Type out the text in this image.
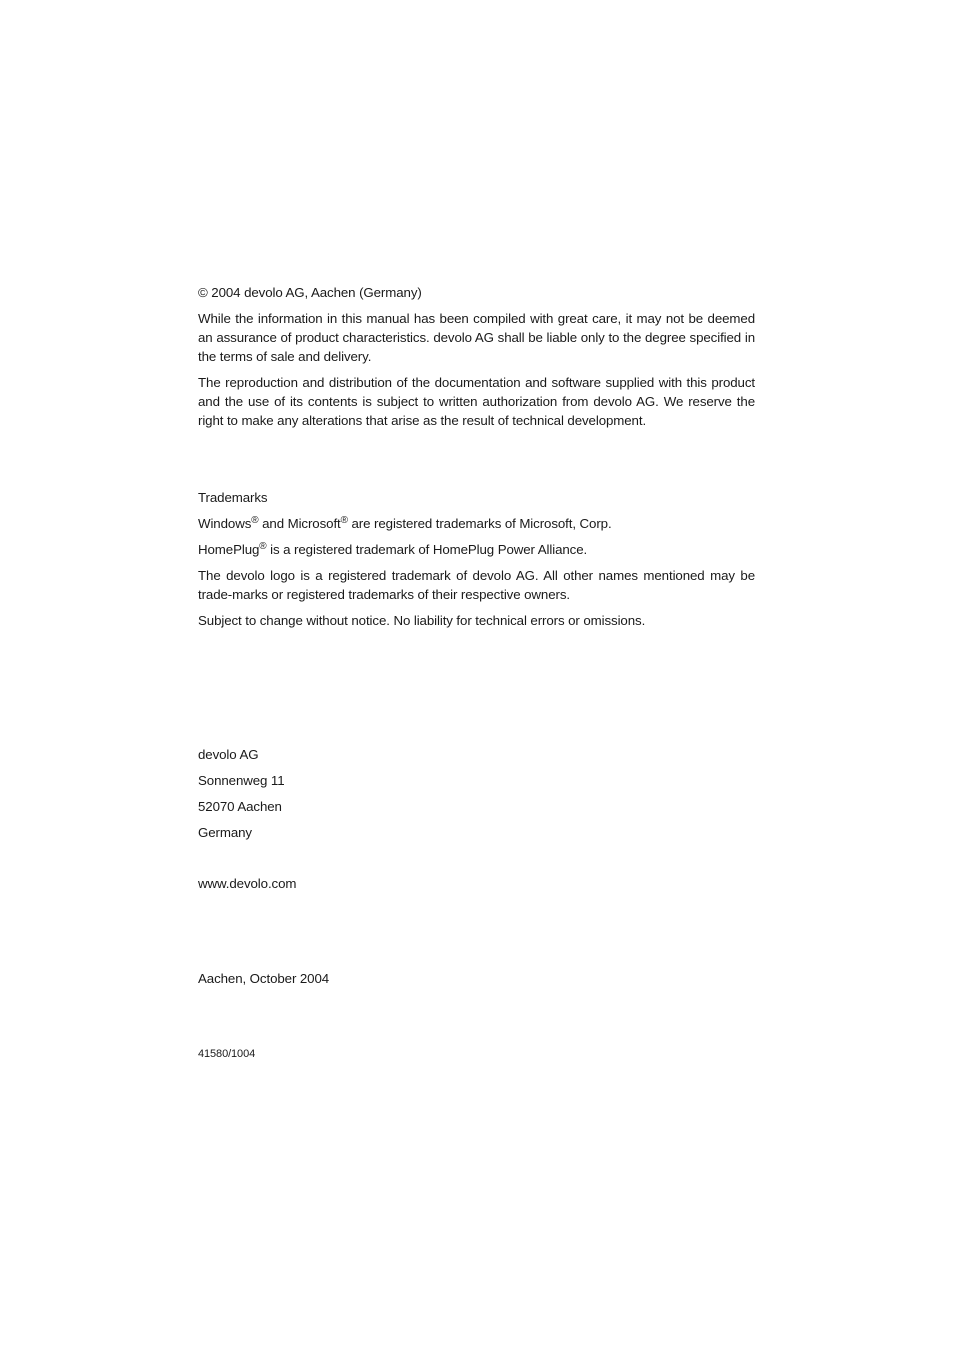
© 2004 devolo AG, Aachen (Germany)

While the information in this manual has been compiled with great care, it may not be deemed an assurance of product characteristics. devolo AG shall be liable only to the degree specified in the terms of sale and delivery.

The reproduction and distribution of the documentation and software supplied with this product and the use of its contents is subject to written authorization from devolo AG. We reserve the right to make any alterations that arise as the result of technical development.

Trademarks

Windows® and Microsoft® are registered trademarks of Microsoft, Corp.

HomePlug® is a registered trademark of HomePlug Power Alliance.

The devolo logo is a registered trademark of devolo AG. All other names mentioned may be trade-marks or registered trademarks of their respective owners.

Subject to change without notice. No liability for technical errors or omissions.

devolo AG

Sonnenweg 11

52070 Aachen

Germany

www.devolo.com

Aachen, October 2004

41580/1004
